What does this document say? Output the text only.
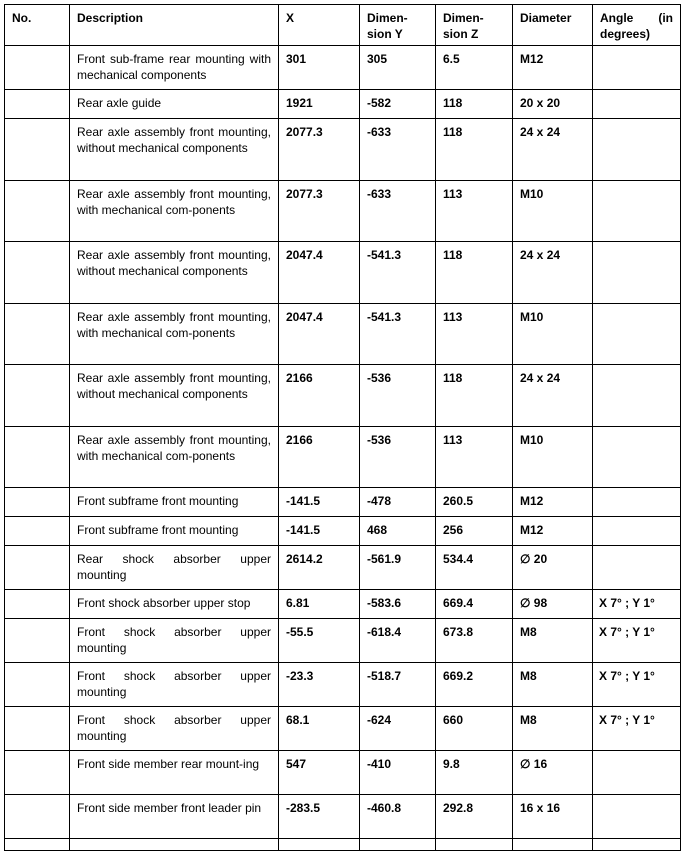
No.	Description	X	Dimen-sion Y	Dimen-sion Z	Diameter	Angle (in degrees)
	Front sub-frame rear mounting with mechanical components	301	305	6.5	M12	
	Rear axle guide	1921	-582	118	20 x 20	
	Rear axle assembly front mounting, without mechanical components	2077.3	-633	118	24 x 24	
	Rear axle assembly front mounting, with mechanical com-ponents	2077.3	-633	113	M10	
	Rear axle assembly front mounting, without mechanical components	2047.4	-541.3	118	24 x 24	
	Rear axle assembly front mounting, with mechanical com-ponents	2047.4	-541.3	113	M10	
	Rear axle assembly front mounting, without mechanical components	2166	-536	118	24 x 24	
	Rear axle assembly front mounting, with mechanical com-ponents	2166	-536	113	M10	
	Front subframe front mounting	-141.5	-478	260.5	M12	
	Front subframe front mounting	-141.5	468	256	M12	
	Rear shock absorber upper mounting	2614.2	-561.9	534.4	∅ 20	
	Front shock absorber upper stop	6.81	-583.6	669.4	∅ 98	X 7° ; Y 1°
	Front shock absorber upper mounting	-55.5	-618.4	673.8	M8	X 7° ; Y 1°
	Front shock absorber upper mounting	-23.3	-518.7	669.2	M8	X 7° ; Y 1°
	Front shock absorber upper mounting	68.1	-624	660	M8	X 7° ; Y 1°
	Front side member rear mount-ing	547	-410	9.8	∅ 16	
	Front side member front leader pin	-283.5	-460.8	292.8	16 x 16	
